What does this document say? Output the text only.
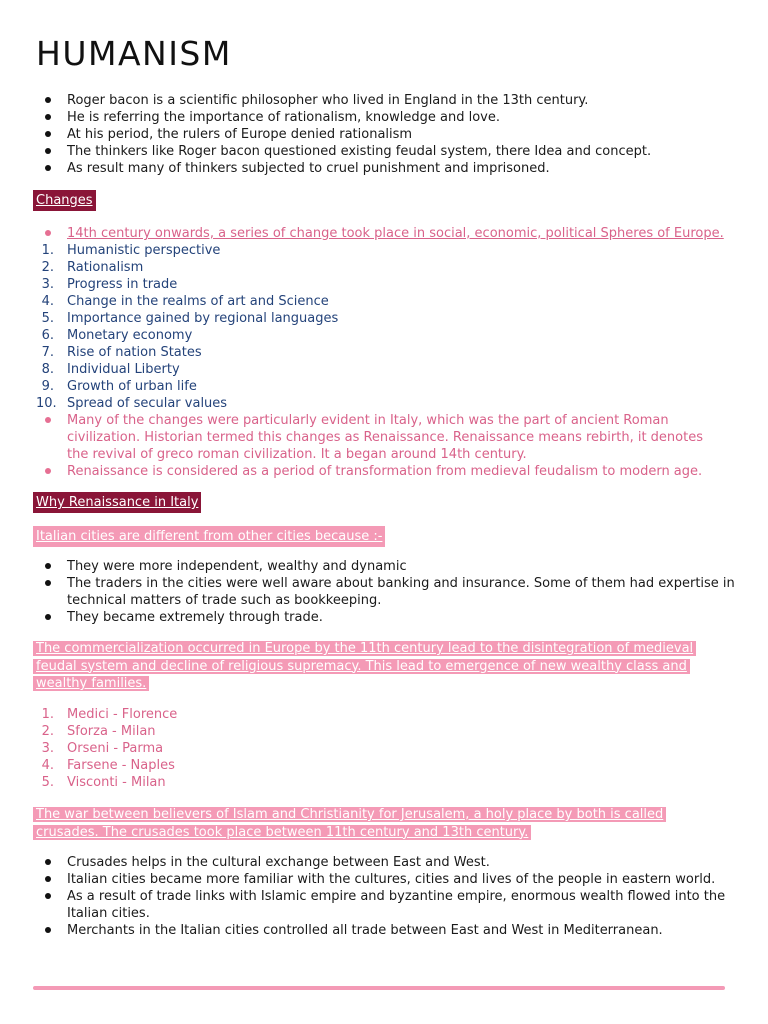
HUMANISM
Roger bacon is a scientific philosopher who lived in England in the 13th century.
He is referring the importance of rationalism, knowledge and love.
At his period, the rulers of Europe denied rationalism
The thinkers like Roger bacon questioned existing feudal system, there Idea and concept.
As result many of thinkers subjected to cruel punishment and imprisoned.
Changes
14th century onwards, a series of change took place in social, economic, political Spheres of Europe.
1. Humanistic perspective
2. Rationalism
3. Progress in trade
4. Change in the realms of art and Science
5. Importance gained by regional languages
6. Monetary economy
7. Rise of nation States
8. Individual Liberty
9. Growth of urban life
10. Spread of secular values
Many of the changes were particularly evident in Italy, which was the part of ancient Roman civilization. Historian termed this changes as Renaissance. Renaissance means rebirth, it denotes the revival of greco roman civilization. It a began around 14th century.
Renaissance is considered as a period of transformation from medieval feudalism to modern age.
Why Renaissance in Italy
Italian cities are different from other cities because :-
They were more independent, wealthy and dynamic
The traders in the cities were well aware about banking and insurance. Some of them had expertise in technical matters of trade such as bookkeeping.
They became extremely through trade.
The commercialization occurred in Europe by the 11th century lead to the disintegration of medieval feudal system and decline of religious supremacy. This lead to emergence of new wealthy class and wealthy families.
1. Medici - Florence
2. Sforza - Milan
3. Orseni - Parma
4. Farsene - Naples
5. Visconti - Milan
The war between believers of Islam and Christianity for Jerusalem, a holy place by both is called crusades. The crusades took place between 11th century and 13th century.
Crusades helps in the cultural exchange between East and West.
Italian cities became more familiar with the cultures, cities and lives of the people in eastern world.
As a result of trade links with Islamic empire and byzantine empire, enormous wealth flowed into the Italian cities.
Merchants in the Italian cities controlled all trade between East and West in Mediterranean.
